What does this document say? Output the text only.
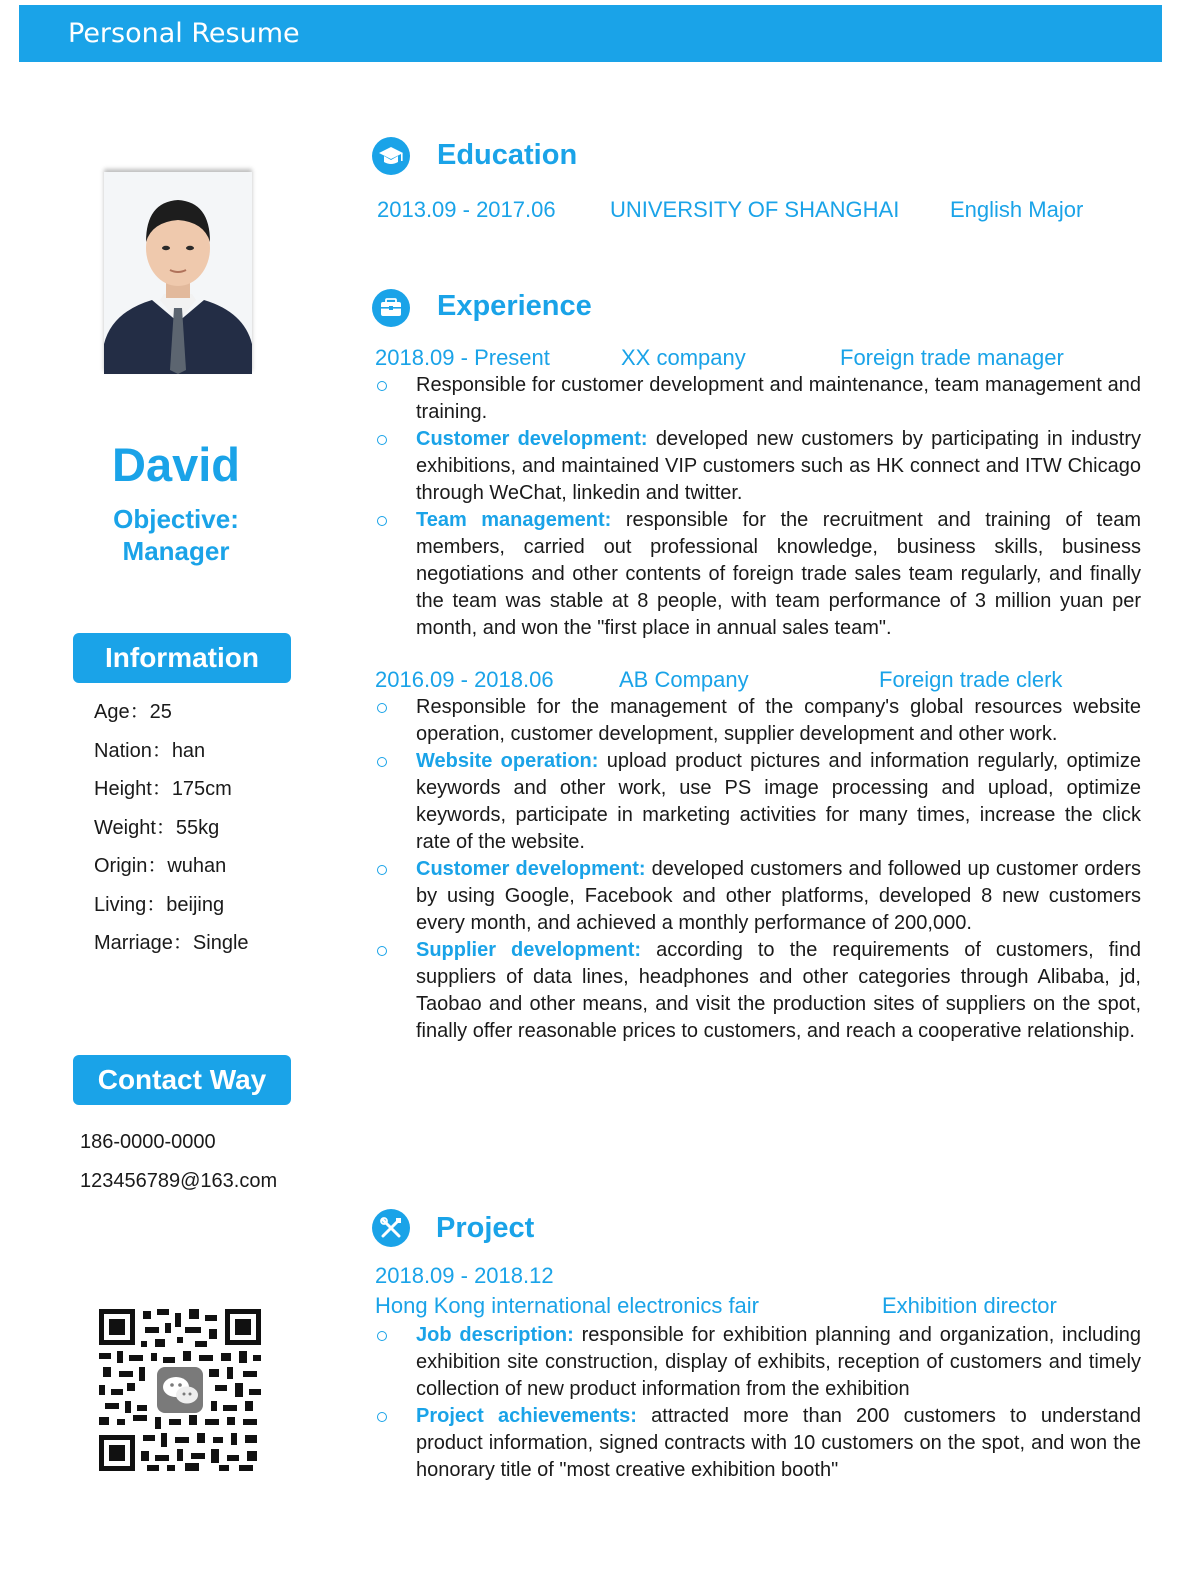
Personal Resume
David
Objective:
Manager
Information
Age：25
Nation：han
Height：175cm
Weight：55kg
Origin：wuhan
Living：beijing
Marriage：Single
Contact Way
186-0000-0000
123456789@163.com
Education
2013.09 - 2017.06 UNIVERSITY OF SHANGHAI English Major
Experience
2018.09 - Present	XX company	Foreign trade manager
Responsible for customer development and maintenance, team management and training.
Customer development: developed new customers by participating in industry exhibitions, and maintained VIP customers such as HK connect and ITW Chicago through WeChat, linkedin and twitter.
Team management: responsible for the recruitment and training of team members, carried out professional knowledge, business skills, business negotiations and other contents of foreign trade sales team regularly, and finally the team was stable at 8 people, with team performance of 3 million yuan per month, and won the "first place in annual sales team".
2016.09 - 2018.06	AB Company	Foreign trade clerk
Responsible for the management of the company's global resources website operation, customer development, supplier development and other work.
Website operation: upload product pictures and information regularly, optimize keywords and other work, use PS image processing and upload, optimize keywords, participate in marketing activities for many times, increase the click rate of the website.
Customer development: developed customers and followed up customer orders by using Google, Facebook and other platforms, developed 8 new customers every month, and achieved a monthly performance of 200,000.
Supplier development: according to the requirements of customers, find suppliers of data lines, headphones and other categories through Alibaba, jd, Taobao and other means, and visit the production sites of suppliers on the spot, finally offer reasonable prices to customers, and reach a cooperative relationship.
Project
2018.09 - 2018.12
Hong Kong international electronics fair	Exhibition director
Job description: responsible for exhibition planning and organization, including exhibition site construction, display of exhibits, reception of customers and timely collection of new product information from the exhibition
Project achievements: attracted more than 200 customers to understand product information, signed contracts with 10 customers on the spot, and won the honorary title of "most creative exhibition booth"
